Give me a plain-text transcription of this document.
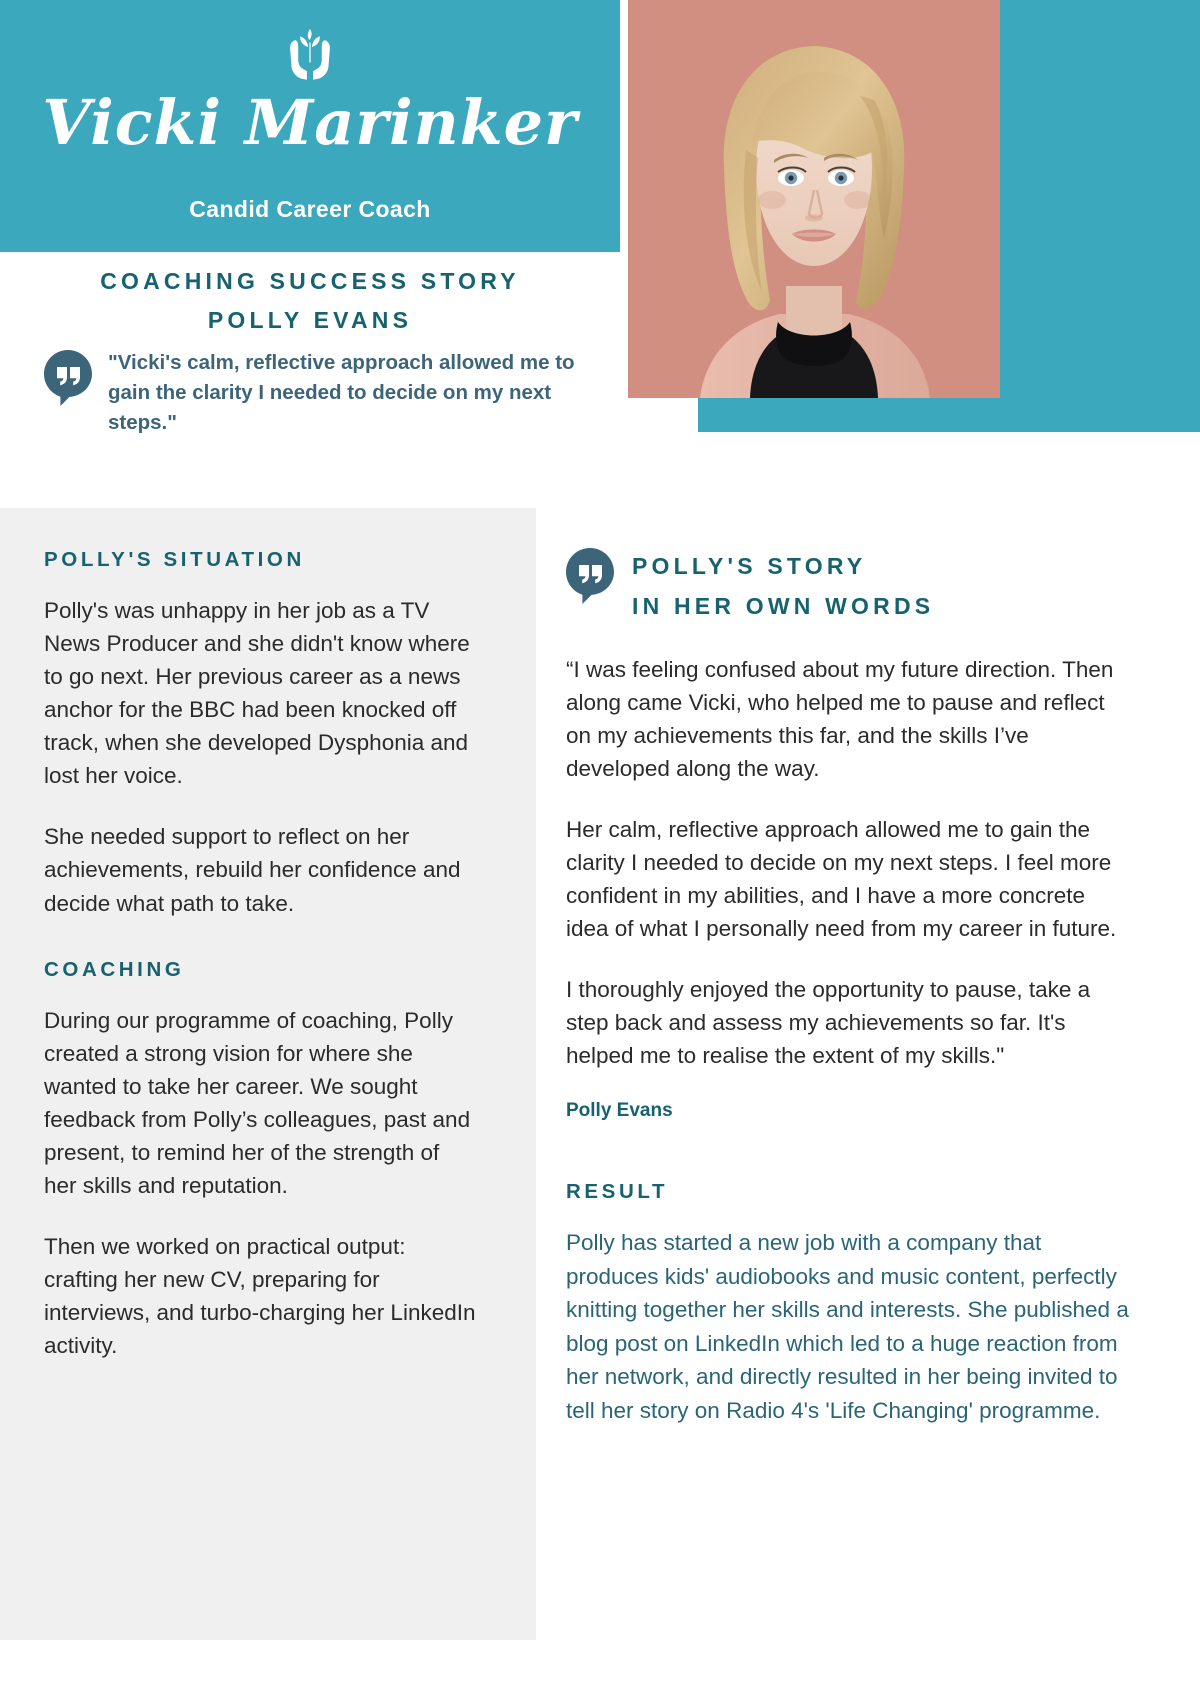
Vicki Marinker
Candid Career Coach
COACHING SUCCESS STORY
POLLY EVANS
"Vicki's calm, reflective approach allowed me to gain the clarity I needed to decide on my next steps."
POLLY'S SITUATION

Polly's was unhappy in her job as a TV News Producer and she didn't know where to go next. Her previous career as a news anchor for the BBC had been knocked off track, when she developed Dysphonia and lost her voice.

She needed support to reflect on her achievements, rebuild her confidence and decide what path to take.

COACHING

During our programme of coaching, Polly created a strong vision for where she wanted to take her career. We sought feedback from Polly’s colleagues, past and present, to remind her of the strength of her skills and reputation.

Then we worked on practical output: crafting her new CV, preparing for interviews, and turbo-charging her LinkedIn activity.

POLLY'S STORY
IN HER OWN WORDS

“I was feeling confused about my future direction. Then along came Vicki, who helped me to pause and reflect on my achievements this far, and the skills I’ve developed along the way.

Her calm, reflective approach allowed me to gain the clarity I needed to decide on my next steps. I feel more confident in my abilities, and I have a more concrete idea of what I personally need from my career in future.

I thoroughly enjoyed the opportunity to pause, take a step back and assess my achievements so far. It's helped me to realise the extent of my skills."

Polly Evans
RESULT

Polly has started a new job with a company that produces kids' audiobooks and music content, perfectly knitting together her skills and interests. She published a blog post on LinkedIn which led to a huge reaction from her network, and directly resulted in her being invited to tell her story on Radio 4's 'Life Changing' programme.
